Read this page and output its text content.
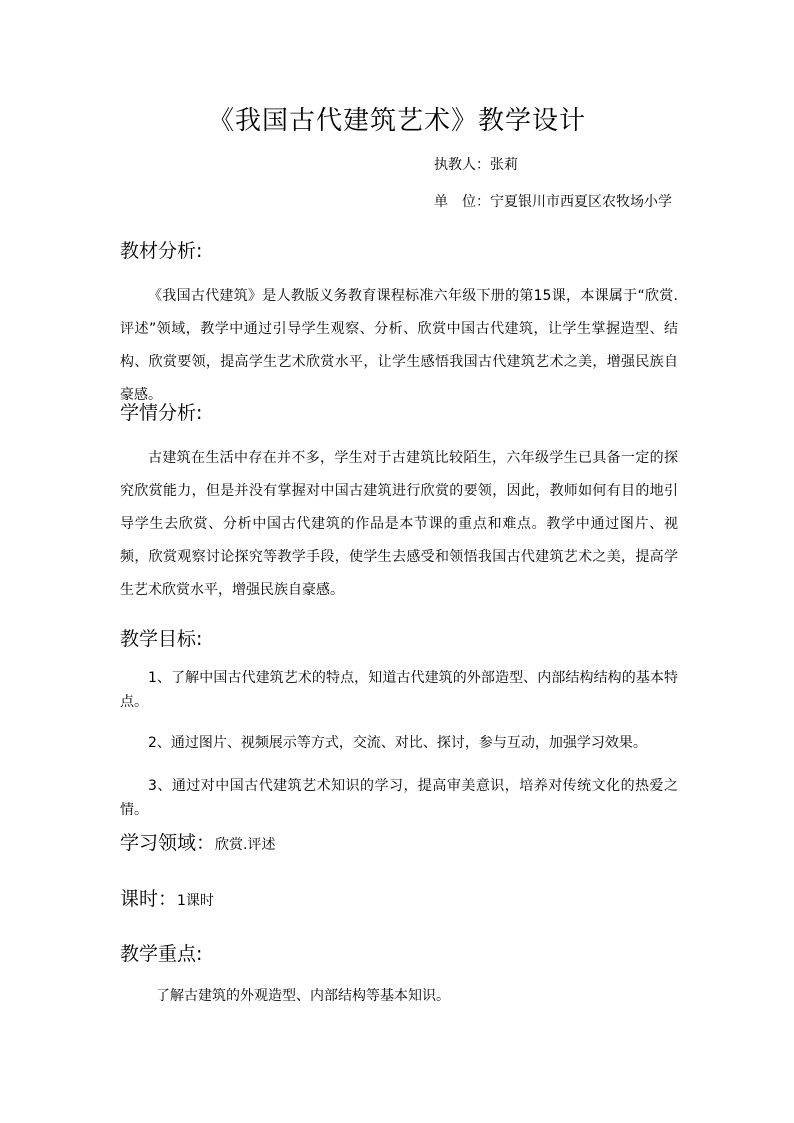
《我国古代建筑艺术》教学设计
执教人：张莉
单　位：宁夏银川市西夏区农牧场小学
教材分析:
《我国古代建筑》是人教版义务教育课程标准六年级下册的第15课，本课属于“欣赏.评述”领域，教学中通过引导学生观察、分析、欣赏中国古代建筑，让学生掌握造型、结构、欣赏要领，提高学生艺术欣赏水平，让学生感悟我国古代建筑艺术之美，增强民族自豪感。
学情分析:
古建筑在生活中存在并不多，学生对于古建筑比较陌生，六年级学生已具备一定的探究欣赏能力，但是并没有掌握对中国古建筑进行欣赏的要领，因此，教师如何有目的地引导学生去欣赏、分析中国古代建筑的作品是本节课的重点和难点。教学中通过图片、视频，欣赏观察讨论探究等教学手段，使学生去感受和领悟我国古代建筑艺术之美，提高学生艺术欣赏水平，增强民族自豪感。
教学目标:
1、了解中国古代建筑艺术的特点，知道古代建筑的外部造型、内部结构结构的基本特点。
2、通过图片、视频展示等方式，交流、对比、探讨，参与互动，加强学习效果。
3、通过对中国古代建筑艺术知识的学习，提高审美意识，培养对传统文化的热爱之情。
学习领域：欣赏.评述
课时：1课时
教学重点:
了解古建筑的外观造型、内部结构等基本知识。
